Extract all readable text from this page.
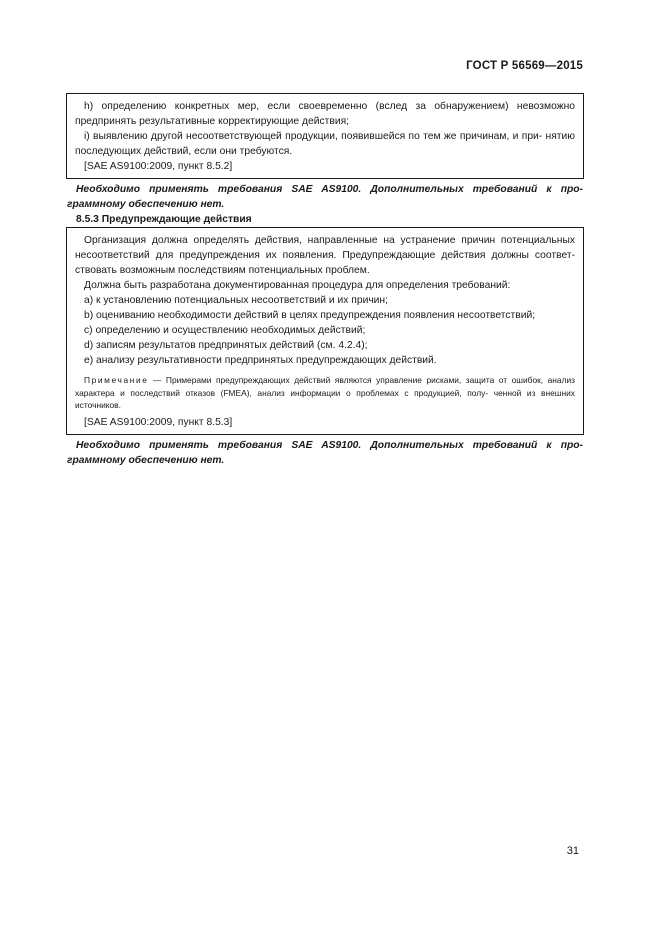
ГОСТ Р 56569—2015

h) определению конкретных мер, если своевременно (вслед за обнаружением) невозможно предпринять результативные корректирующие действия;

i) выявлению другой несоответствующей продукции, появившейся по тем же причинам, и при- нятию последующих действий, если они требуются.

[SAE AS9100:2009, пункт 8.5.2]

Необходимо применять требования SAE AS9100. Дополнительных требований к про- граммному обеспечению нет.

8.5.3 Предупреждающие действия

Организация должна определять действия, направленные на устранение причин потенциальных несоответствий для предупреждения их появления. Предупреждающие действия должны соответ- ствовать возможным последствиям потенциальных проблем.

Должна быть разработана документированная процедура для определения требований:

a) к установлению потенциальных несоответствий и их причин;

b) оцениванию необходимости действий в целях предупреждения появления несоответствий;

c) определению и осуществлению необходимых действий;

d) записям результатов предпринятых действий (см. 4.2.4);

e) анализу результативности предпринятых предупреждающих действий.

Примечание — Примерами предупреждающих действий являются управление рисками, защита от ошибок, анализ характера и последствий отказов (FMEA), анализ информации о проблемах с продукцией, полу- ченной из внешних источников.

[SAE AS9100:2009, пункт 8.5.3]

Необходимо применять требования SAE AS9100. Дополнительных требований к про- граммному обеспечению нет.

31
